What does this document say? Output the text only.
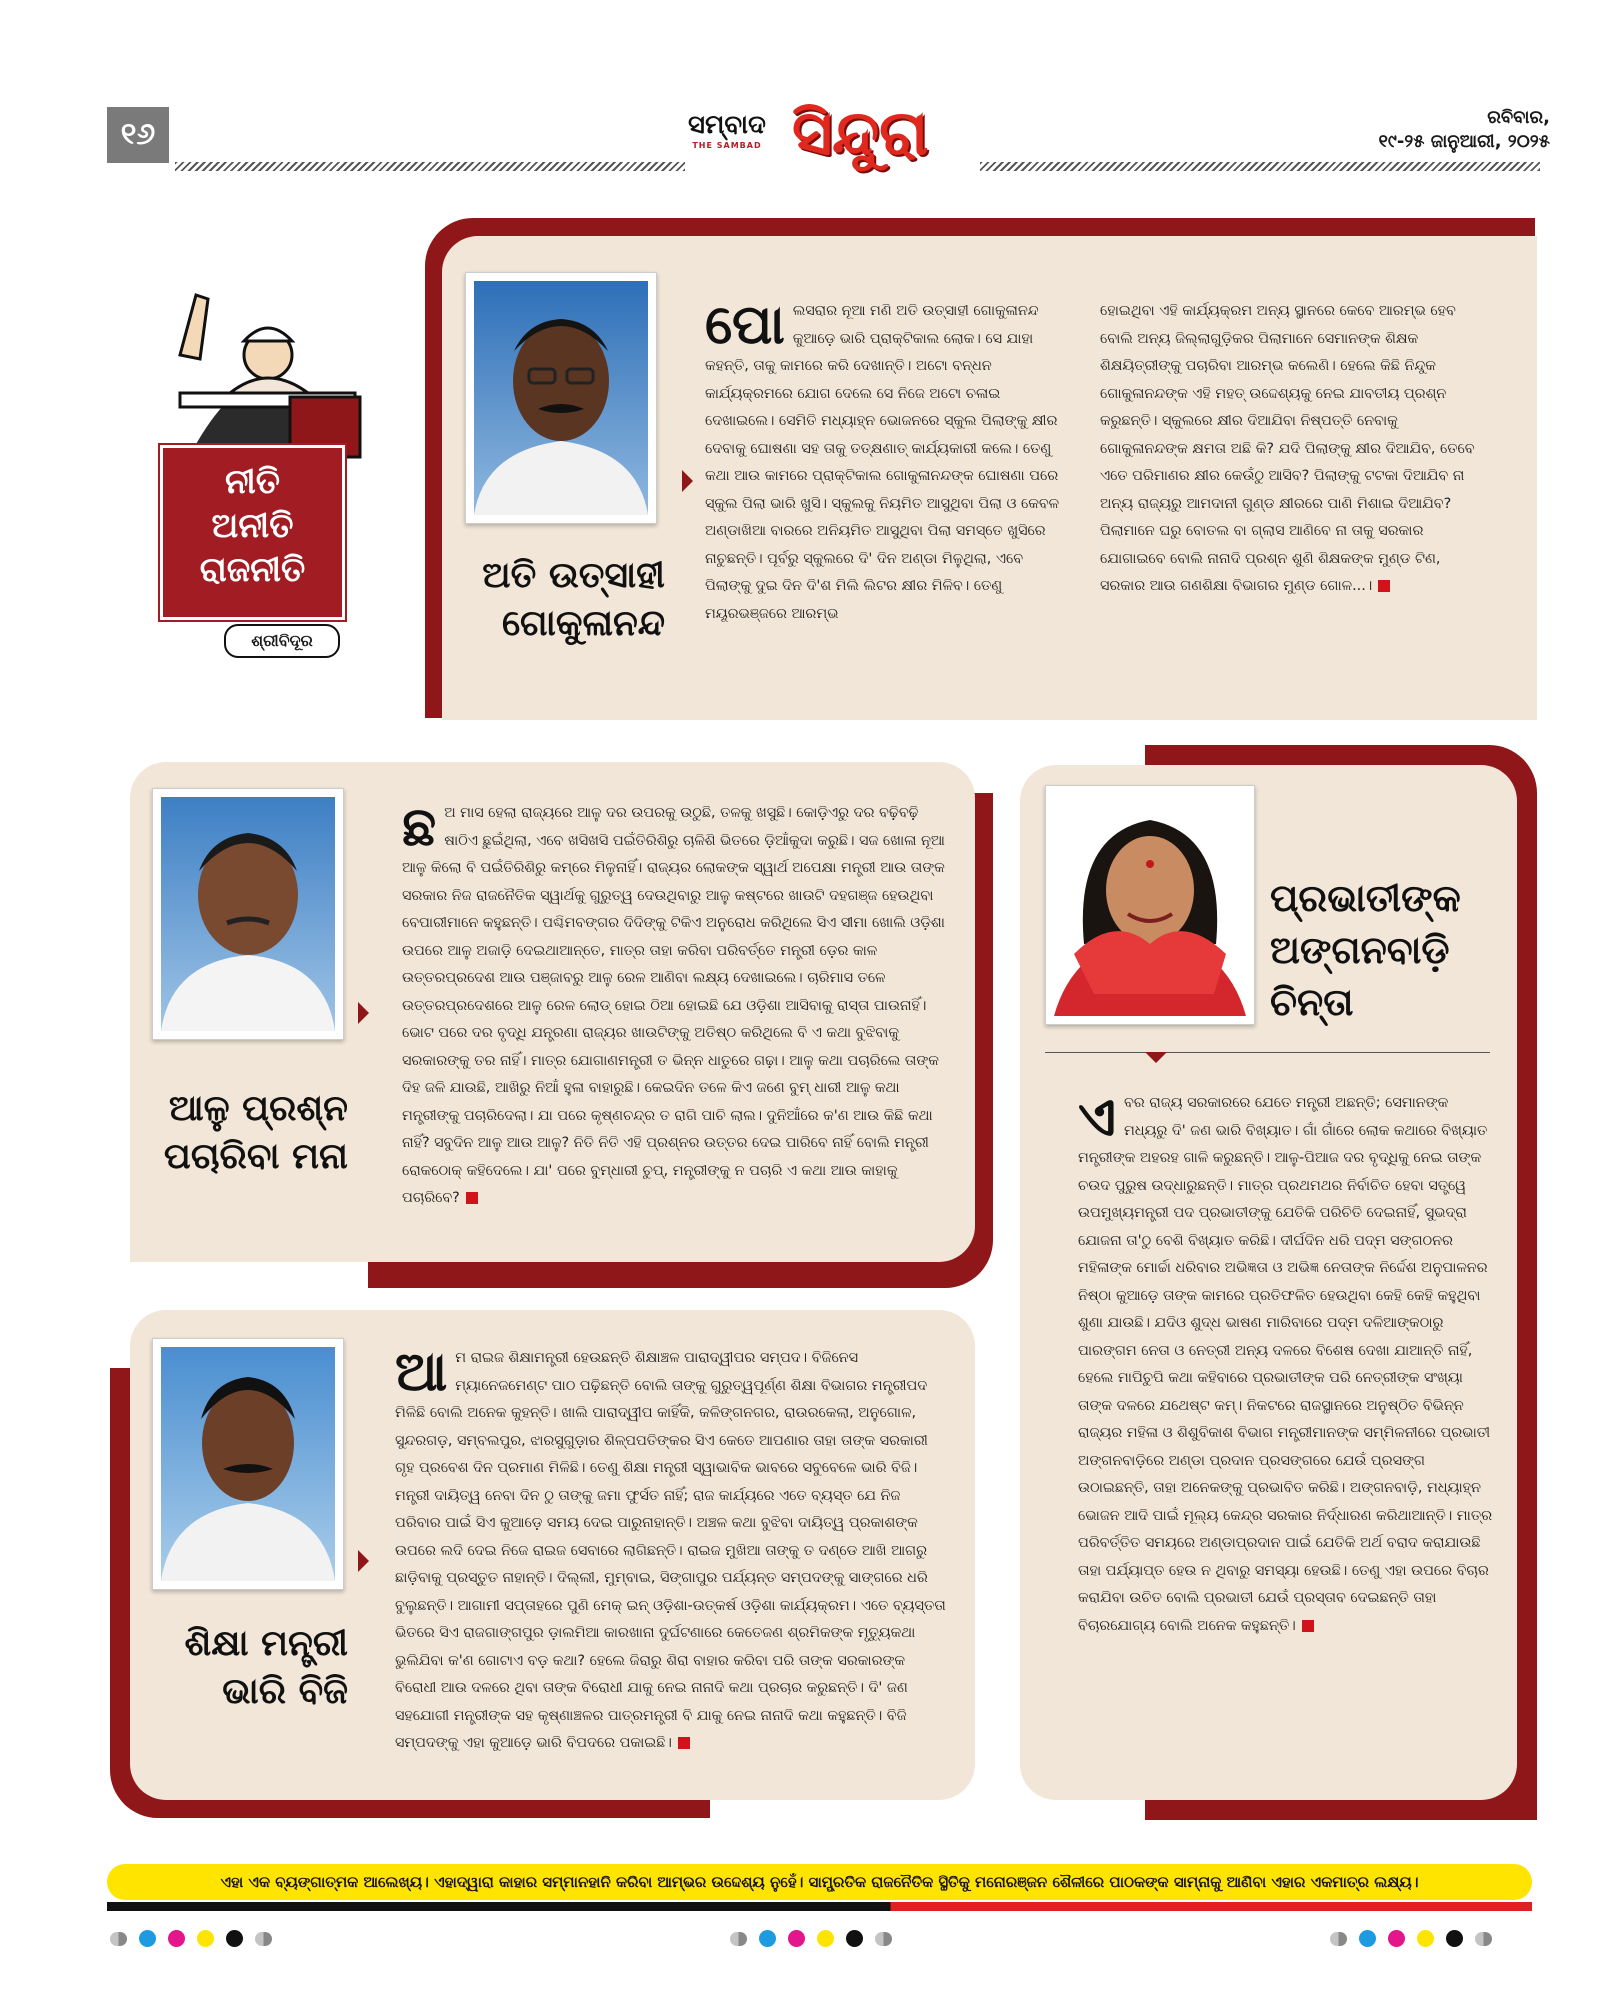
୧୬	ସମ୍ବାଦ
THE SAMBAD ସିନ୍ଦୁରା	ରବିବାର,
୧୯-୨୫ ଜାନୁଆରୀ, ୨୦୨୫
ନୀତି
ଅନୀତି
ରାଜନୀତି
ଶ୍ରୀବିଦୂର
ଅତି ଉତ୍ସାହୀ
ଗୋକୁଳାନନ୍ଦ
ପୋଲସରାର ନୂଆ ମଣି ଅତି ଉତ୍ସାହୀ ଗୋକୁଳାନନ୍ଦ କୁଆଡ଼େ ଭାରି ପ୍ରାକ୍ଟିକାଲ ଲୋକ। ସେ ଯାହା କହନ୍ତି, ତାକୁ କାମରେ କରି ଦେଖାନ୍ତି। ଅଟୋ ବନ୍ଧନ କାର୍ଯ୍ୟକ୍ରମରେ ଯୋଗ ଦେଲେ ସେ ନିଜେ ଅଟୋ ଚଳାଇ ଦେଖାଇଲେ। ସେମିତି ମଧ୍ୟାହ୍ନ ଭୋଜନରେ ସ୍କୁଲ ପିଲାଙ୍କୁ କ୍ଷୀର ଦେବାକୁ ଘୋଷଣା ସହ ତାକୁ ତତ୍‌କ୍ଷଣାତ୍ କାର୍ଯ୍ୟକାରୀ କଲେ। ତେଣୁ କଥା ଆଉ କାମରେ ପ୍ରାକ୍ଟିକାଲ ଗୋକୁଳାନନ୍ଦଙ୍କ ଘୋଷଣା ପରେ ସ୍କୁଲ ପିଲା ଭାରି ଖୁସି। ସ୍କୁଲକୁ ନିୟମିତ ଆସୁଥିବା ପିଲା ଓ କେବଳ ଅଣ୍ଡାଖିଆ ବାରରେ ଅନିୟମିତ ଆସୁଥିବା ପିଲା ସମସ୍ତେ ଖୁସିରେ ନାଚୁଛନ୍ତି। ପୂର୍ବରୁ ସ୍କୁଲରେ ଦି' ଦିନ ଅଣ୍ଡା ମିଳୁଥିଲା, ଏବେ ପିଲାଙ୍କୁ ଦୁଇ ଦିନ ଦି'ଶ ମିଲି ଲିଟର କ୍ଷୀର ମିଳିବ। ତେଣୁ ମୟୂରଭଞ୍ଜରେ ଆରମ୍ଭ
ହୋଇଥିବା ଏହି କାର୍ଯ୍ୟକ୍ରମ ଅନ୍ୟ ସ୍ଥାନରେ କେବେ ଆରମ୍ଭ ହେବ ବୋଲି ଅନ୍ୟ ଜିଲ୍ଲାଗୁଡ଼ିକର ପିଲାମାନେ ସେମାନଙ୍କ ଶିକ୍ଷକ ଶିକ୍ଷୟିତ୍ରୀଙ୍କୁ ପଚାରିବା ଆରମ୍ଭ କଲେଣି। ହେଲେ କିଛି ନିନ୍ଦୁକ ଗୋକୁଳାନନ୍ଦଙ୍କ ଏହି ମହତ୍ ଉଦ୍ଦେଶ୍ୟକୁ ନେଇ ଯାବତୀୟ ପ୍ରଶ୍ନ କରୁଛନ୍ତି। ସ୍କୁଲରେ କ୍ଷୀର ଦିଆଯିବା ନିଷ୍ପତ୍ତି ନେବାକୁ ଗୋକୁଳାନନ୍ଦଙ୍କ କ୍ଷମତା ଅଛି କି? ଯଦି ପିଲାଙ୍କୁ କ୍ଷୀର ଦିଆଯିବ, ତେବେ ଏତେ ପରିମାଣର କ୍ଷୀର କେଉଁଠୁ ଆସିବ? ପିଲାଙ୍କୁ ଟଟକା ଦିଆଯିବ ନା ଅନ୍ୟ ରାଜ୍ୟରୁ ଆମଦାନୀ ଗୁଣ୍ଡ କ୍ଷୀରରେ ପାଣି ମିଶାଇ ଦିଆଯିବ? ପିଲାମାନେ ଘରୁ ବୋତଲ ବା ଗ୍ଲାସ ଆଣିବେ ନା ତାକୁ ସରକାର ଯୋଗାଇବେ ବୋଲି ନାନାଦି ପ୍ରଶ୍ନ ଶୁଣି ଶିକ୍ଷକଙ୍କ ମୁଣ୍ଡ ଟିଣ, ସରକାର ଆଉ ଗଣଶିକ୍ଷା ବିଭାଗର ମୁଣ୍ଡ ଗୋଳ...।
ଆଳୁ ପ୍ରଶ୍ନ
ପଚାରିବା ମନା
ଛଅ ମାସ ହେଲା ରାଜ୍ୟରେ ଆଳୁ ଦର ଉପରକୁ ଉଠୁଛି, ତଳକୁ ଖସୁଛି। କୋଡ଼ିଏରୁ ଦର ବଢ଼ିବଢ଼ି ଷାଠିଏ ଛୁଇଁଥିଲା, ଏବେ ଖସିଖସି ପଇଁତିରିଶିରୁ ଚାଳିଶି ଭିତରେ ଡ଼ିଆଁକୁଦା କରୁଛି। ସଜ ଖୋଳା ନୂଆ ଆଳୁ କିଲୋ ବି ପଇଁତିରିଶିରୁ କମ୍‌ରେ ମିଳୁନାହିଁ। ରାଜ୍ୟର ଲୋକଙ୍କ ସ୍ୱାର୍ଥ ଅପେକ୍ଷା ମନ୍ତ୍ରୀ ଆଉ ତାଙ୍କ ସରକାର ନିଜ ରାଜନୈତିକ ସ୍ୱାର୍ଥକୁ ଗୁରୁତ୍ୱ ଦେଉଥିବାରୁ ଆଳୁ କଷ୍ଟରେ ଖାଉଟି ଦହଗଞ୍ଜ ହେଉଥିବା ବେପାରୀମାନେ କହୁଛନ୍ତି। ପଶ୍ଚିମବଙ୍ଗର ଦିଦିଙ୍କୁ ଟିକିଏ ଅନୁରୋଧ କରିଥିଲେ ସିଏ ସୀମା ଖୋଲି ଓଡ଼ିଶା ଉପରେ ଆଳୁ ଅଜାଡ଼ି ଦେଇଥାଆନ୍ତେ, ମାତ୍ର ତାହା କରିବା ପରିବର୍ତ୍ତେ ମନ୍ତ୍ରୀ ଡ଼େର କାଳ ଉତ୍ତରପ୍ରଦେଶ ଆଉ ପଞ୍ଜାବରୁ ଆଳୁ ରେଳ ଆଣିବା ଲକ୍ଷ୍ୟ ଦେଖାଇଲେ। ଚାରିମାସ ତଳେ ଉତ୍ତରପ୍ରଦେଶରେ ଆଳୁ ରେଳ ଲୋଡ୍ ହୋଇ ଠିଆ ହୋଇଛି ଯେ ଓଡ଼ିଶା ଆସିବାକୁ ରାସ୍ତା ପାଉନାହିଁ। ଭୋଟ ପରେ ଦର ବୃଦ୍ଧି ଯନ୍ତ୍ରଣା ରାଜ୍ୟର ଖାଉଟିଙ୍କୁ ଅତିଷ୍ଠ କରିଥିଲେ ବି ଏ କଥା ବୁଝିବାକୁ ସରକାରଙ୍କୁ ତର ନାହିଁ। ମାତ୍ର ଯୋଗାଣମନ୍ତ୍ରୀ ତ ଭିନ୍ନ ଧାତୁରେ ଗଢ଼ା। ଆଳୁ କଥା ପଚାରିଲେ ତାଙ୍କ ଦିହ ଜଳି ଯାଉଛି, ଆଖିରୁ ନିଆଁ ହୁଳା ବାହାରୁଛି। କେଇଦିନ ତଳେ କିଏ ଜଣେ ବୁମ୍ ଧାରୀ ଆଳୁ କଥା ମନ୍ତ୍ରୀଙ୍କୁ ପଚାରିଦେଲା। ଯା ପରେ କୃଷ୍ଣଚନ୍ଦ୍ର ତ ରାଗି ପାଚି ଲାଲ। ଦୁନିଆଁରେ କ'ଣ ଆଉ କିଛି କଥା ନାହିଁ? ସବୁଦିନ ଆଳୁ ଆଉ ଆଳୁ? ନିତି ନିତି ଏହି ପ୍ରଶ୍ନର ଉତ୍ତର ଦେଇ ପାରିବେ ନାହିଁ ବୋଲି ମନ୍ତ୍ରୀ ରୋକଠୋକ୍ କହିଦେଲେ। ଯା' ପରେ ବୁମ୍‌ଧାରୀ ଚୁପ୍, ମନ୍ତ୍ରୀଙ୍କୁ ନ ପଚାରି ଏ କଥା ଆଉ କାହାକୁ ପଚାରିବେ?
ପ୍ରଭାତୀଙ୍କ
ଅଙ୍ଗନବାଡ଼ି
ଚିନ୍ତା
ଏବର ରାଜ୍ୟ ସରକାରରେ ଯେତେ ମନ୍ତ୍ରୀ ଅଛନ୍ତି; ସେମାନଙ୍କ ମଧ୍ୟରୁ ଦି' ଜଣ ଭାରି ବିଖ୍ୟାତ। ଗାଁ ଗାଁରେ ଲୋକ କଥାରେ ବିଖ୍ୟାତ ମନ୍ତ୍ରୀଙ୍କ ଅହରହ ଗାଳି କରୁଛନ୍ତି। ଆଳୁ-ପିଆଜ ଦର ବୃଦ୍ଧିକୁ ନେଇ ତାଙ୍କ ଚଉଦ ପୁରୁଷ ଉଦ୍ଧାରୁଛନ୍ତି। ମାତ୍ର ପ୍ରଥମଥର ନିର୍ବାଚିତ ହେବା ସତ୍ତ୍ୱେ ଉପମୁଖ୍ୟମନ୍ତ୍ରୀ ପଦ ପ୍ରଭାତୀଙ୍କୁ ଯେତିକି ପରିଚିତି ଦେଇନାହିଁ, ସୁଭଦ୍ରା ଯୋଜନା ତା'ଠୁ ବେଶି ବିଖ୍ୟାତ କରିଛି। ଦୀର୍ଘଦିନ ଧରି ପଦ୍ମ ସଙ୍ଗଠନର ମହିଳାଙ୍କ ମୋର୍ଚ୍ଚା ଧରିବାର ଅଭିଜ୍ଞତା ଓ ଅଭିଜ୍ଞ ନେତାଙ୍କ ନିର୍ଦ୍ଦେଶ ଅନୁପାଳନର ନିଷ୍ଠା କୁଆଡ଼େ ତାଙ୍କ କାମରେ ପ୍ରତିଫଳିତ ହେଉଥିବା କେହି କେହି କହୁଥିବା ଶୁଣା ଯାଉଛି। ଯଦିଓ ଶୁଦ୍ଧ ଭାଷଣ ମାରିବାରେ ପଦ୍ମ ଦଳିଆଙ୍କଠାରୁ ପାରଙ୍ଗମ ନେତା ଓ ନେତ୍ରୀ ଅନ୍ୟ ଦଳରେ ବିଶେଷ ଦେଖା ଯାଆନ୍ତି ନାହିଁ, ହେଲେ ମାପିଚୁପି କଥା କହିବାରେ ପ୍ରଭାତୀଙ୍କ ପରି ନେତ୍ରୀଙ୍କ ସଂଖ୍ୟା ତାଙ୍କ ଦଳରେ ଯଥେଷ୍ଟ କମ୍। ନିକଟରେ ରାଜସ୍ଥାନରେ ଅନୁଷ୍ଠିତ ବିଭିନ୍ନ ରାଜ୍ୟର ମହିଳା ଓ ଶିଶୁବିକାଶ ବିଭାଗ ମନ୍ତ୍ରୀମାନଙ୍କ ସମ୍ମିଳନୀରେ ପ୍ରଭାତୀ ଅଙ୍ଗନବାଡ଼ିରେ ଅଣ୍ଡା ପ୍ରଦାନ ପ୍ରସଙ୍ଗରେ ଯେଉଁ ପ୍ରସଙ୍ଗ ଉଠାଇଛନ୍ତି, ତାହା ଅନେକଙ୍କୁ ପ୍ରଭାବିତ କରିଛି। ଅଙ୍ଗନବାଡ଼ି, ମଧ୍ୟାହ୍ନ ଭୋଜନ ଆଦି ପାଇଁ ମୂଲ୍ୟ କେନ୍ଦ୍ର ସରକାର ନିର୍ଦ୍ଧାରଣ କରିଥାଆନ୍ତି। ମାତ୍ର ପରିବର୍ତ୍ତିତ ସମୟରେ ଅଣ୍ଡାପ୍ରଦାନ ପାଇଁ ଯେତିକି ଅର୍ଥ ବରାଦ କରାଯାଉଛି ତାହା ପର୍ଯ୍ୟାପ୍ତ ହେଉ ନ ଥିବାରୁ ସମସ୍ୟା ହେଉଛି। ତେଣୁ ଏହା ଉପରେ ବିଚାର କରାଯିବା ଉଚିତ ବୋଲି ପ୍ରଭାତୀ ଯେଉଁ ପ୍ରସ୍ତାବ ଦେଇଛନ୍ତି ତାହା ବିଚାରଯୋଗ୍ୟ ବୋଲି ଅନେକ କହୁଛନ୍ତି।
ଶିକ୍ଷା ମନ୍ତ୍ରୀ
ଭାରି ବିଜି
ଆମ ରାଇଜ ଶିକ୍ଷାମନ୍ତ୍ରୀ ହେଉଛନ୍ତି ଶିକ୍ଷାଞ୍ଚଳ ପାରାଦ୍ୱୀପର ସମ୍ପଦ। ବିଜିନେସ ମ୍ୟାନେଜମେଣ୍ଟ ପାଠ ପଢ଼ିଛନ୍ତି ବୋଲି ତାଙ୍କୁ ଗୁରୁତ୍ୱପୂର୍ଣ୍ଣ ଶିକ୍ଷା ବିଭାଗର ମନ୍ତ୍ରୀପଦ ମିଳିଛି ବୋଲି ଅନେକ କୁହନ୍ତି। ଖାଲି ପାରାଦ୍ୱୀପ କାହିଁକି, କଳିଙ୍ଗନଗର, ରାଉରକେଲା, ଅନୁଗୋଳ, ସୁନ୍ଦରଗଡ଼, ସମ୍ବଲପୁର, ଝାରସୁଗୁଡ଼ାର ଶିଳ୍ପପତିଙ୍କର ସିଏ କେତେ ଆପଣାର ତାହା ତାଙ୍କ ସରକାରୀ ଗୃହ ପ୍ରବେଶ ଦିନ ପ୍ରମାଣ ମିଳିଛି। ତେଣୁ ଶିକ୍ଷା ମନ୍ତ୍ରୀ ସ୍ୱାଭାବିକ ଭାବରେ ସବୁବେଳେ ଭାରି ବିଜି। ମନ୍ତ୍ରୀ ଦାୟିତ୍ୱ ନେବା ଦିନ ଠୁ ତାଙ୍କୁ ଜମା ଫୁର୍ସତ ନାହିଁ; ରାଜ କାର୍ଯ୍ୟରେ ଏତେ ବ୍ୟସ୍ତ ଯେ ନିଜ ପରିବାର ପାଇଁ ସିଏ କୁଆଡ଼େ ସମୟ ଦେଇ ପାରୁନାହାନ୍ତି। ଅଞ୍ଚଳ କଥା ବୁଝିବା ଦାୟିତ୍ୱ ପ୍ରକାଶଙ୍କ ଉପରେ ଲଦି ଦେଇ ନିଜେ ରାଇଜ ସେବାରେ ଲାଗିଛନ୍ତି। ରାଇଜ ମୁଖିଆ ତାଙ୍କୁ ତ ଦଣ୍ଡେ ଆଖି ଆଗରୁ ଛାଡ଼ିବାକୁ ପ୍ରସ୍ତୁତ ନାହାନ୍ତି। ଦିଲ୍ଲୀ, ମୁମ୍ବାଇ, ସିଙ୍ଗାପୁର ପର୍ଯ୍ୟନ୍ତ ସମ୍ପଦଙ୍କୁ ସାଙ୍ଗରେ ଧରି ବୁଲୁଛନ୍ତି। ଆଗାମୀ ସପ୍ତାହରେ ପୁଣି ମେକ୍ ଇନ୍ ଓଡ଼ିଶା-ଉତ୍କର୍ଷ ଓଡ଼ିଶା କାର୍ଯ୍ୟକ୍ରମ। ଏତେ ବ୍ୟସ୍ତତା ଭିତରେ ସିଏ ରାଜଗାଙ୍ଗପୁର ଡ଼ାଲମିଆ କାରଖାନା ଦୁର୍ଘଟଣାରେ କେତେଜଣ ଶ୍ରମିକଙ୍କ ମୃତ୍ୟୁକଥା ଭୁଲିଯିବା କ'ଣ ଗୋଟାଏ ବଡ଼ କଥା? ହେଲେ ଜିରାରୁ ଶିରା ବାହାର କରିବା ପରି ତାଙ୍କ ସରକାରଙ୍କ ବିରୋଧୀ ଆଉ ଦଳରେ ଥିବା ତାଙ୍କ ବିରୋଧୀ ଯାକୁ ନେଇ ନାନାଦି କଥା ପ୍ରଚାର କରୁଛନ୍ତି। ଦି' ଜଣ ସହଯୋଗୀ ମନ୍ତ୍ରୀଙ୍କ ସହ କୃଷ୍ଣାଞ୍ଚଳର ପାତ୍ରମନ୍ତ୍ରୀ ବି ଯାକୁ ନେଇ ନାନାଦି କଥା କହୁଛନ୍ତି। ବିଜି ସମ୍ପଦଙ୍କୁ ଏହା କୁଆଡ଼େ ଭାରି ବିପଦରେ ପକାଇଛି।
ଏହା ଏକ ବ୍ୟଙ୍ଗାତ୍ମକ ଆଲେଖ୍ୟ। ଏହାଦ୍ୱାରା କାହାର ସମ୍ମାନହାନି କରିବା ଆମ୍ଭର ଉଦ୍ଦେଶ୍ୟ ନୁହେଁ। ସାମ୍ପ୍ରତିକ ରାଜନୈତିକ ସ୍ଥିତିକୁ ମନୋରଞ୍ଜନ ଶୈଳୀରେ ପାଠକଙ୍କ ସାମ୍ନାକୁ ଆଣିବା ଏହାର ଏକମାତ୍ର ଲକ୍ଷ୍ୟ।
